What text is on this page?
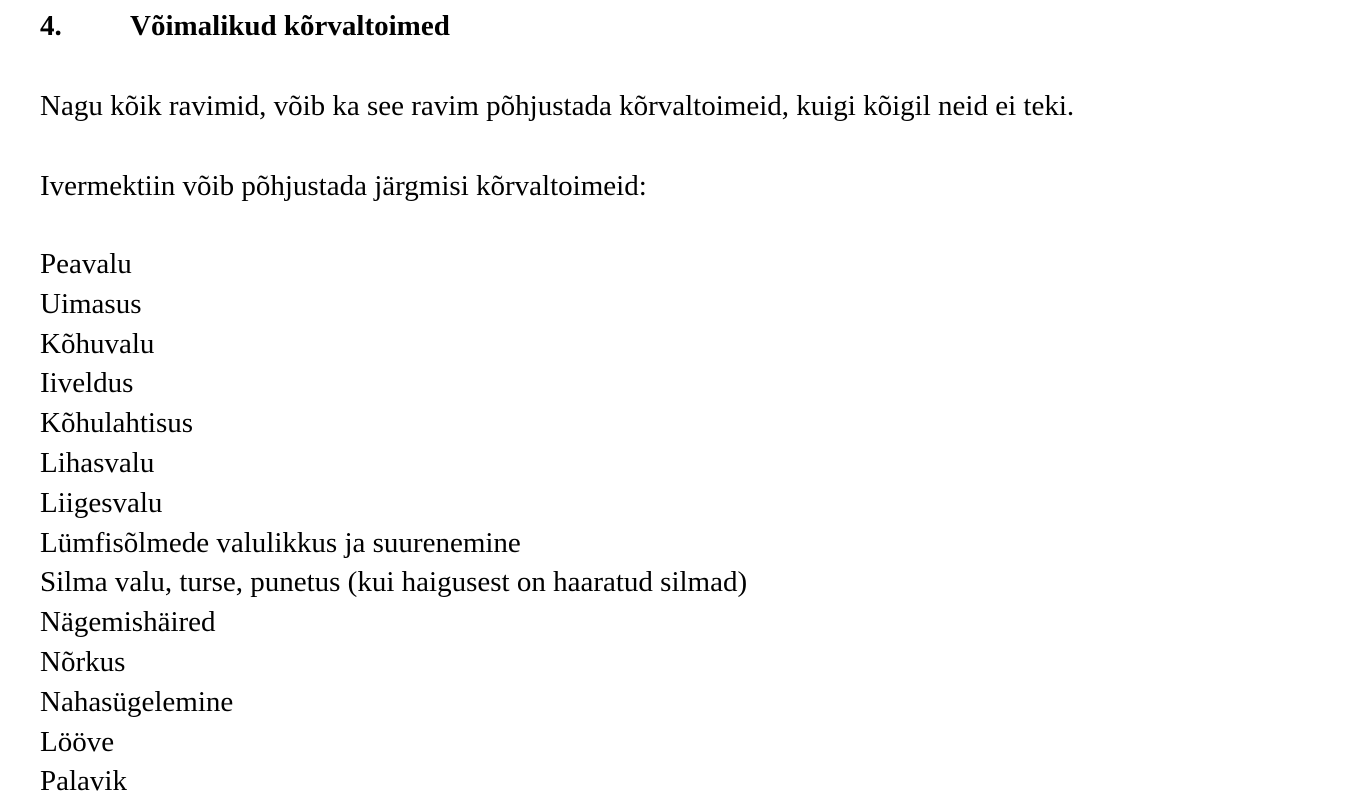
4. Võimalikud kõrvaltoimed
Nagu kõik ravimid, võib ka see ravim põhjustada kõrvaltoimeid, kuigi kõigil neid ei teki.
Ivermektiin võib põhjustada järgmisi kõrvaltoimeid:
Peavalu
Uimasus
Kõhuvalu
Iiveldus
Kõhulahtisus
Lihasvalu
Liigesvalu
Lümfisõlmede valulikkus ja suurenemine
Silma valu, turse, punetus (kui haigusest on haaratud silmad)
Nägemishäired
Nõrkus
Nahasügelemine
Lööve
Palavik
